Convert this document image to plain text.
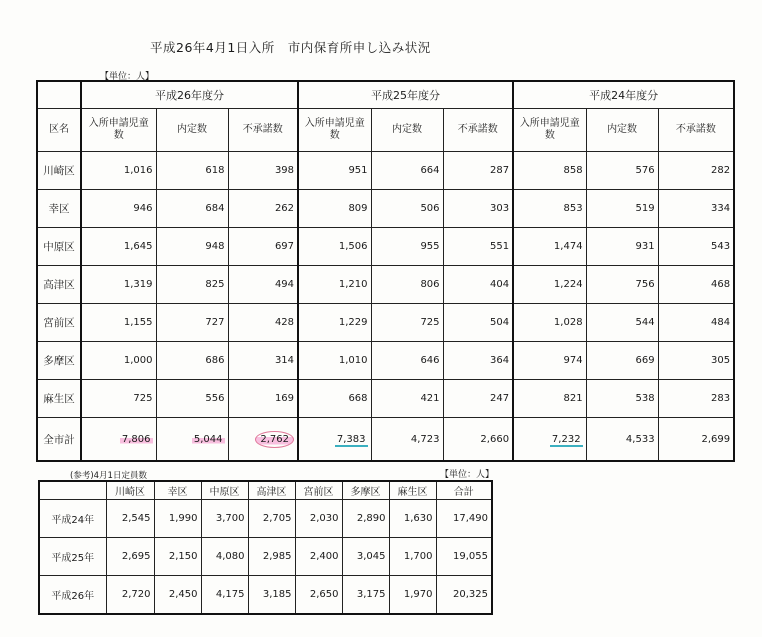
平成26年4月1日入所　市内保育所申し込み状況
【単位：人】
	平成26年度分			平成25年度分			平成24年度分		
区名	入所申請児童数	内定数	不承諾数	入所申請児童数	内定数	不承諾数	入所申請児童数	内定数	不承諾数
川崎区	1,016	618	398	951	664	287	858	576	282
幸区	946	684	262	809	506	303	853	519	334
中原区	1,645	948	697	1,506	955	551	1,474	931	543
高津区	1,319	825	494	1,210	806	404	1,224	756	468
宮前区	1,155	727	428	1,229	725	504	1,028	544	484
多摩区	1,000	686	314	1,010	646	364	974	669	305
麻生区	725	556	169	668	421	247	821	538	283
全市計	7,806	5,044	2,762	7,383	4,723	2,660	7,232	4,533	2,699
(参考)4月1日定員数	【単位：人】
	川崎区	幸区	中原区	高津区	宮前区	多摩区	麻生区	合計
平成24年	2,545	1,990	3,700	2,705	2,030	2,890	1,630	17,490
平成25年	2,695	2,150	4,080	2,985	2,400	3,045	1,700	19,055
平成26年	2,720	2,450	4,175	3,185	2,650	3,175	1,970	20,325
